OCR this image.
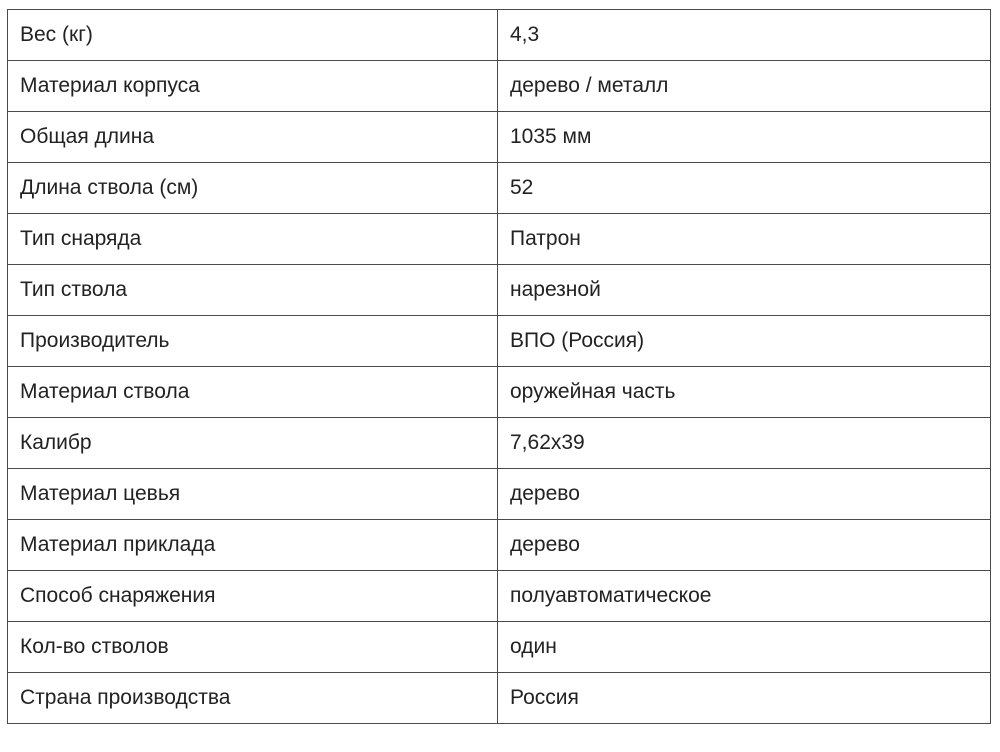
Вес (кг)	4,3
Материал корпуса	дерево / металл
Общая длина	1035 мм
Длина ствола (см)	52
Тип снаряда	Патрон
Тип ствола	нарезной
Производитель	ВПО (Россия)
Материал ствола	оружейная часть
Калибр	7,62x39
Материал цевья	дерево
Материал приклада	дерево
Способ снаряжения	полуавтоматическое
Кол-во стволов	один
Страна производства	Россия
